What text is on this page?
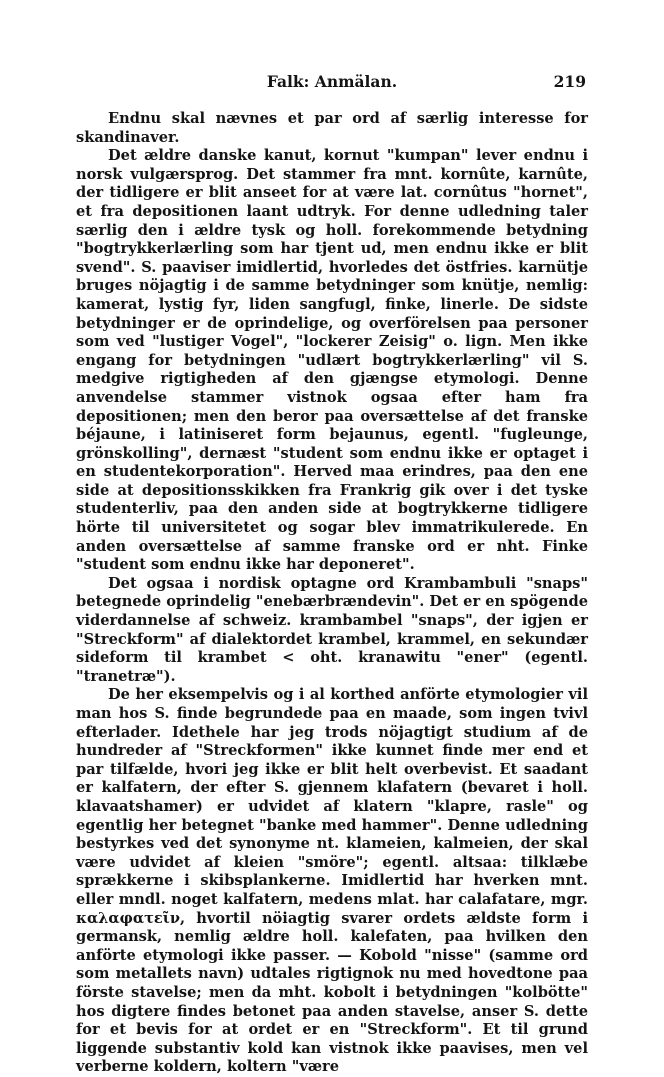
Falk: Anmälan.	219

Endnu skal nævnes et par ord af særlig interesse for skandinaver.

Det ældre danske kanut, kornut "kumpan" lever endnu i norsk vulgærsprog. Det stammer fra mnt. kornûte, karnûte, der tidligere er blit anseet for at være lat. cornûtus "hornet", et fra depositionen laant udtryk. For denne udledning taler særlig den i ældre tysk og holl. forekommende betydning "bogtrykkerlærling som har tjent ud, men endnu ikke er blit svend". S. paaviser imidlertid, hvorledes det östfries. karnütje bruges nöjagtig i de samme betydninger som knütje, nemlig: kamerat, lystig fyr, liden sangfugl, finke, linerle. De sidste betydninger er de oprindelige, og overförelsen paa personer som ved "lustiger Vogel", "lockerer Zeisig" o. lign. Men ikke engang for betydningen "udlært bogtrykkerlærling" vil S. medgive rigtigheden af den gjængse etymologi. Denne anvendelse stammer vistnok ogsaa efter ham fra depositionen; men den beror paa oversættelse af det franske béjaune, i latiniseret form bejaunus, egentl. "fugleunge, grönskolling", dernæst "student som endnu ikke er optaget i en studentekorporation". Herved maa erindres, paa den ene side at depositionsskikken fra Frankrig gik over i det tyske studenterliv, paa den anden side at bogtrykkerne tidligere hörte til universitetet og sogar blev immatrikulerede. En anden oversættelse af samme franske ord er nht. Finke "student som endnu ikke har deponeret".

Det ogsaa i nordisk optagne ord Krambambuli "snaps" betegnede oprindelig "enebærbrændevin". Det er en spögende viderdannelse af schweiz. krambambel "snaps", der igjen er "Streckform" af dialektordet krambel, krammel, en sekundær sideform til krambet < oht. kranawitu "ener" (egentl. "tranetræ").

De her eksempelvis og i al korthed anförte etymologier vil man hos S. finde begrundede paa en maade, som ingen tvivl efterlader. Idethele har jeg trods nöjagtigt studium af de hundreder af "Streckformen" ikke kunnet finde mer end et par tilfælde, hvori jeg ikke er blit helt overbevist. Et saadant er kalfatern, der efter S. gjennem klafatern (bevaret i holl. klavaatshamer) er udvidet af klatern "klapre, rasle" og egentlig her betegnet "banke med hammer". Denne udledning bestyrkes ved det synonyme nt. klameien, kalmeien, der skal være udvidet af kleien "smöre"; egentl. altsaa: tilklæbe sprækkerne i skibsplankerne. Imidlertid har hverken mnt. eller mndl. noget kalfatern, medens mlat. har calafatare, mgr. καλαφατεῖν, hvortil nöiagtig svarer ordets ældste form i germansk, nemlig ældre holl. kalefaten, paa hvilken den anförte etymologi ikke passer. — Kobold "nisse" (samme ord som metallets navn) udtales rigtignok nu med hovedtone paa förste stavelse; men da mht. kobolt i betydningen "kolbötte" hos digtere findes betonet paa anden stavelse, anser S. dette for et bevis for at ordet er en "Streckform". Et til grund liggende substantiv kold kan vistnok ikke paavises, men vel verberne koldern, koltern "være
